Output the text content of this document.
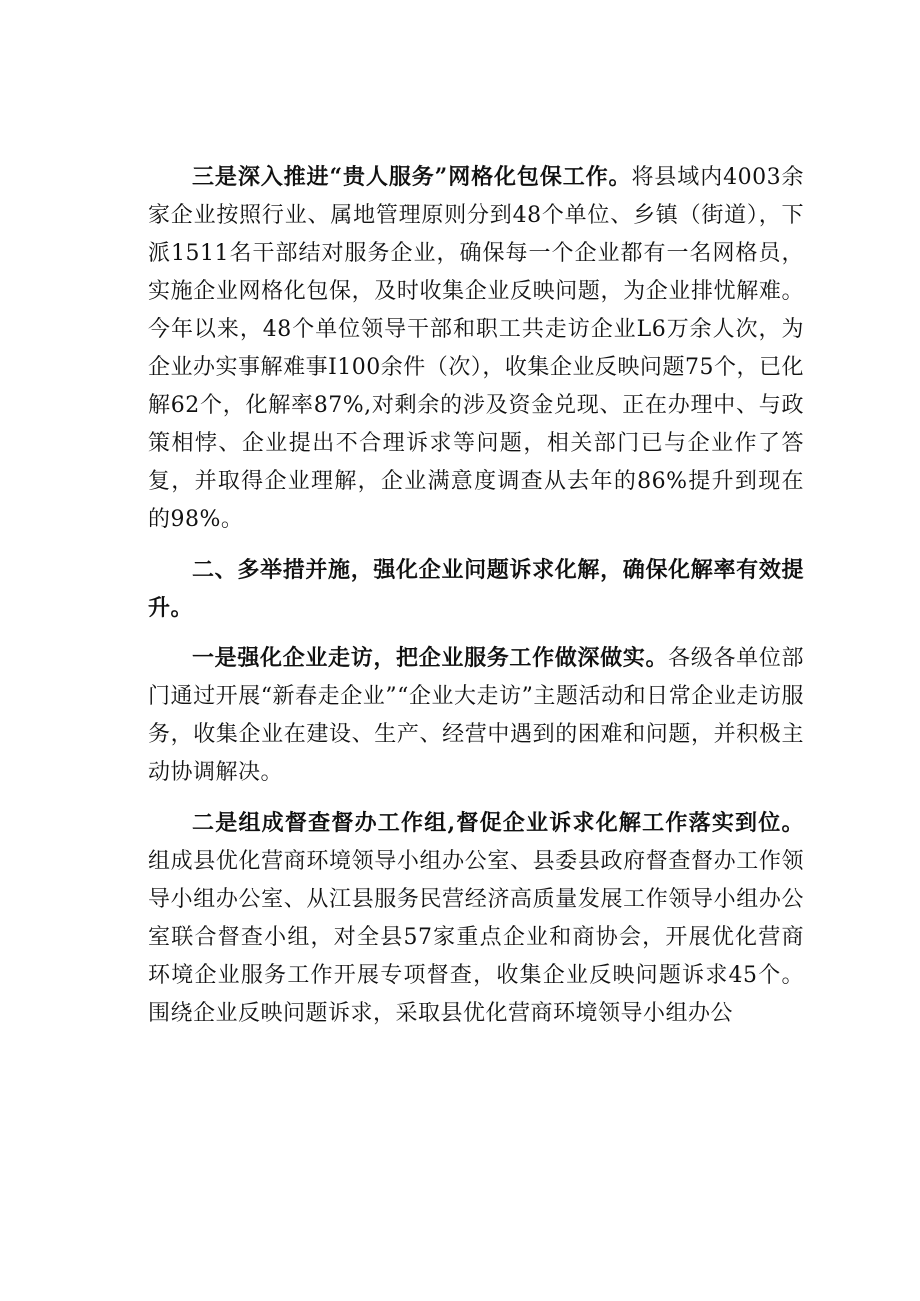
三是深入推进“贵人服务”网格化包保工作。将县域内4003余家企业按照行业、属地管理原则分到48个单位、乡镇（街道），下派1511名干部结对服务企业，确保每一个企业都有一名网格员，实施企业网格化包保，及时收集企业反映问题，为企业排忧解难。今年以来，48个单位领导干部和职工共走访企业L6万余人次，为企业办实事解难事I100余件（次），收集企业反映问题75个，已化解62个，化解率87%,对剩余的涉及资金兑现、正在办理中、与政策相悖、企业提出不合理诉求等问题，相关部门已与企业作了答复，并取得企业理解，企业满意度调查从去年的86%提升到现在的98%。

二、多举措并施，强化企业问题诉求化解，确保化解率有效提升。

一是强化企业走访，把企业服务工作做深做实。各级各单位部门通过开展“新春走企业”“企业大走访”主题活动和日常企业走访服务，收集企业在建设、生产、经营中遇到的困难和问题，并积极主动协调解决。

二是组成督查督办工作组,督促企业诉求化解工作落实到位。组成县优化营商环境领导小组办公室、县委县政府督查督办工作领导小组办公室、从江县服务民营经济高质量发展工作领导小组办公室联合督查小组，对全县57家重点企业和商协会，开展优化营商环境企业服务工作开展专项督查，收集企业反映问题诉求45个。围绕企业反映问题诉求，采取县优化营商环境领导小组办公
